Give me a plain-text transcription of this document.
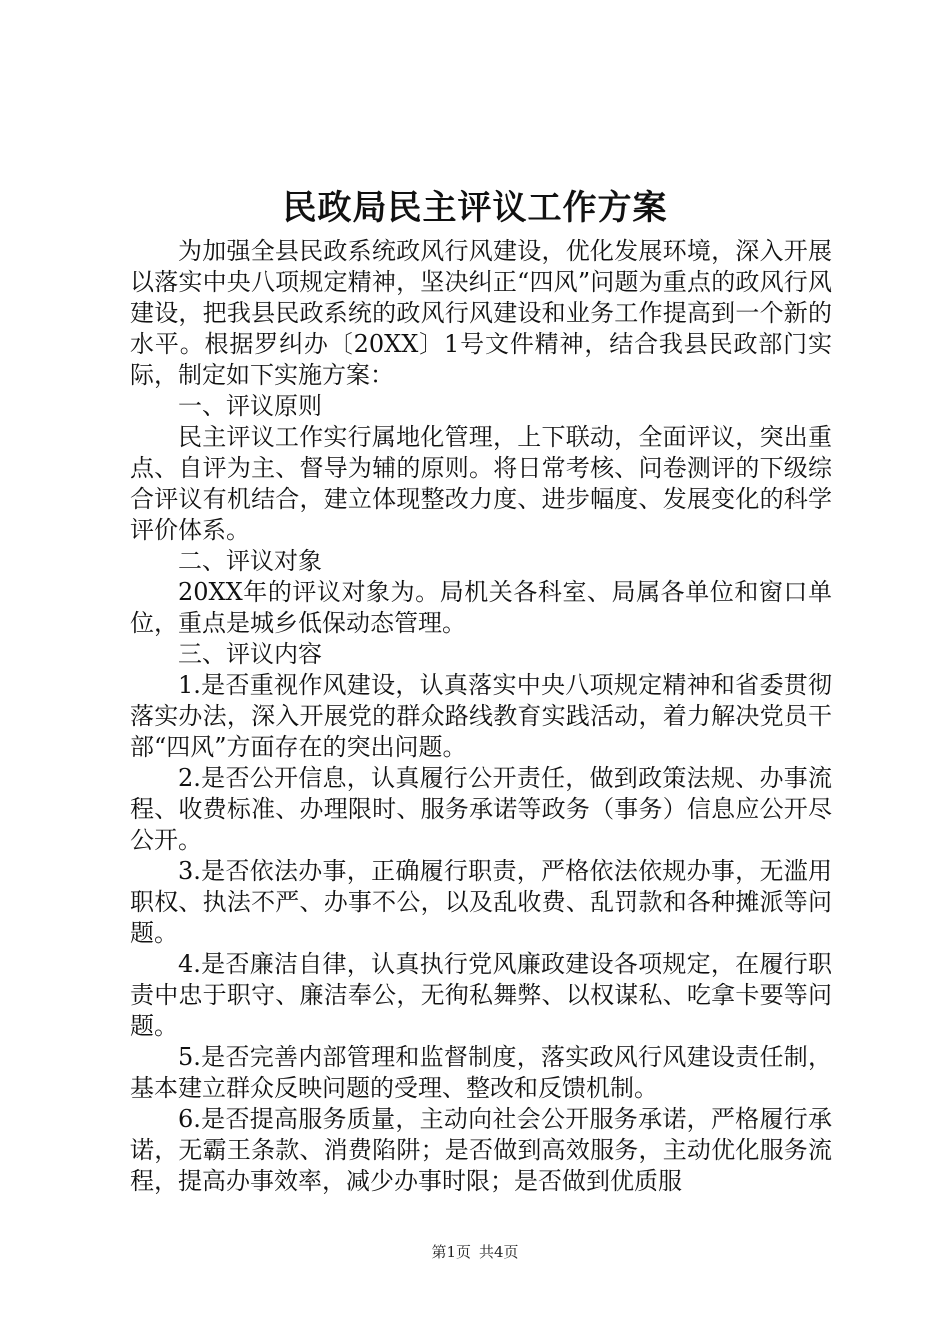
民政局民主评议工作方案

为加强全县民政系统政风行风建设，优化发展环境，深入开展以落实中央八项规定精神，坚决纠正“四风”问题为重点的政风行风建设，把我县民政系统的政风行风建设和业务工作提高到一个新的水平。根据罗纠办〔20XX〕1号文件精神，结合我县民政部门实际，制定如下实施方案：

一、评议原则

民主评议工作实行属地化管理，上下联动，全面评议，突出重点、自评为主、督导为辅的原则。将日常考核、问卷测评的下级综合评议有机结合，建立体现整改力度、进步幅度、发展变化的科学评价体系。

二、评议对象

20XX年的评议对象为。局机关各科室、局属各单位和窗口单位，重点是城乡低保动态管理。

三、评议内容

1.是否重视作风建设，认真落实中央八项规定精神和省委贯彻落实办法，深入开展党的群众路线教育实践活动，着力解决党员干部“四风”方面存在的突出问题。

2.是否公开信息，认真履行公开责任，做到政策法规、办事流程、收费标准、办理限时、服务承诺等政务（事务）信息应公开尽公开。

3.是否依法办事，正确履行职责，严格依法依规办事，无滥用职权、执法不严、办事不公，以及乱收费、乱罚款和各种摊派等问题。

4.是否廉洁自律，认真执行党风廉政建设各项规定，在履行职责中忠于职守、廉洁奉公，无徇私舞弊、以权谋私、吃拿卡要等问题。

5.是否完善内部管理和监督制度，落实政风行风建设责任制，基本建立群众反映问题的受理、整改和反馈机制。

6.是否提高服务质量，主动向社会公开服务承诺，严格履行承诺，无霸王条款、消费陷阱；是否做到高效服务，主动优化服务流程，提高办事效率，减少办事时限；是否做到优质服

第1页 共4页
